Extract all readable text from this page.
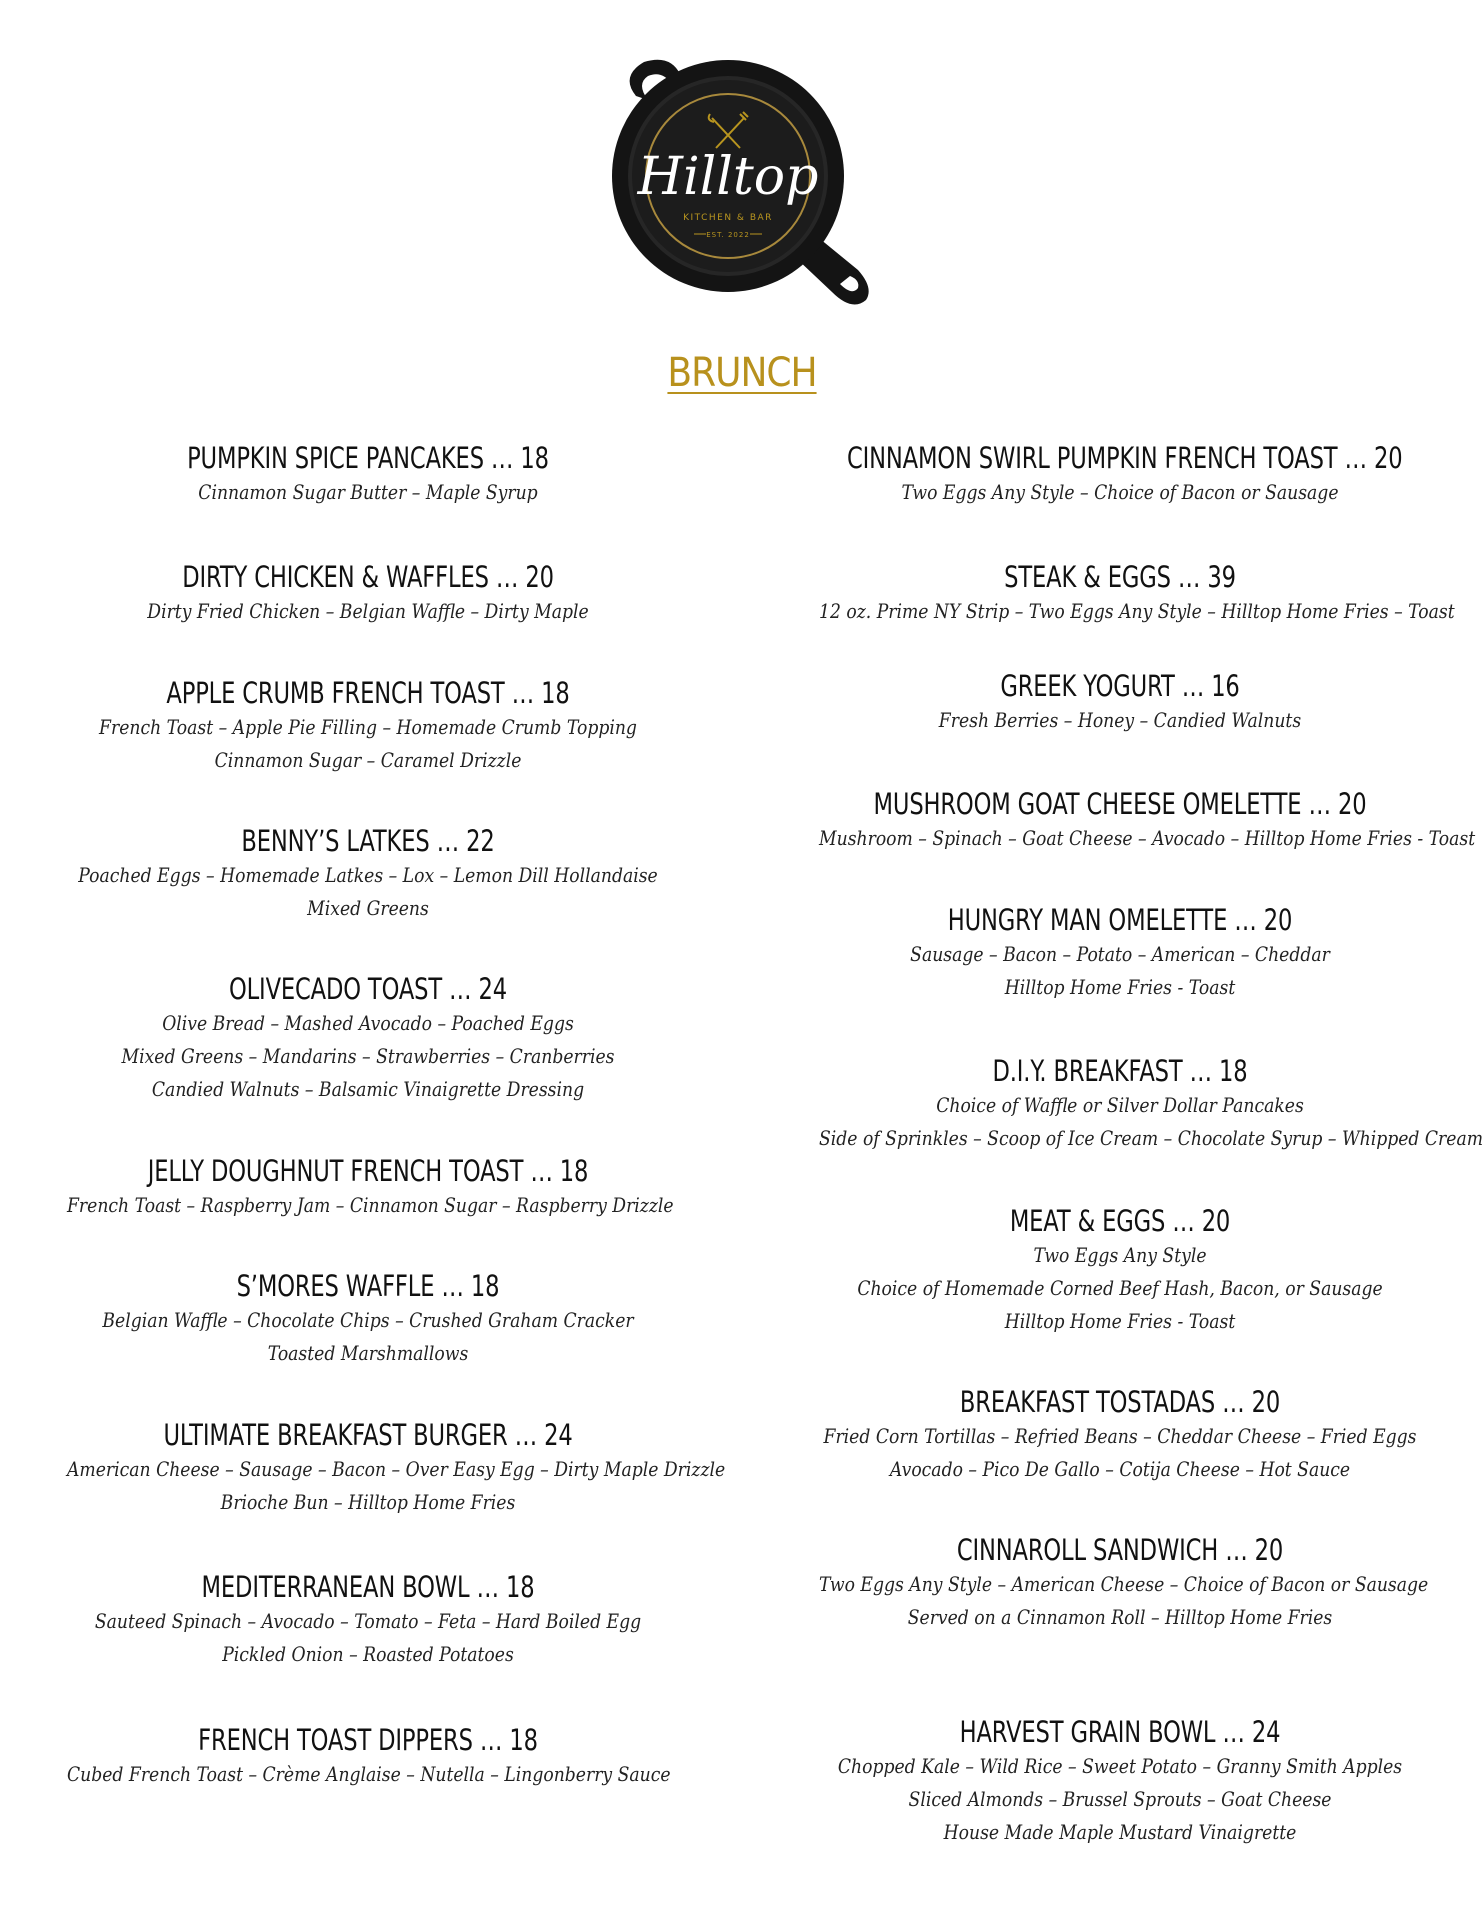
Hilltop
KITCHEN & BAR
EST. 2022
BRUNCH
PUMPKIN SPICE PANCAKES … 18
Cinnamon Sugar Butter – Maple Syrup
DIRTY CHICKEN & WAFFLES … 20
Dirty Fried Chicken – Belgian Waffle – Dirty Maple
APPLE CRUMB FRENCH TOAST … 18
French Toast – Apple Pie Filling – Homemade Crumb Topping
Cinnamon Sugar – Caramel Drizzle
BENNY’S LATKES … 22
Poached Eggs – Homemade Latkes – Lox – Lemon Dill Hollandaise
Mixed Greens
OLIVECADO TOAST … 24
Olive Bread – Mashed Avocado – Poached Eggs
Mixed Greens – Mandarins – Strawberries – Cranberries
Candied Walnuts – Balsamic Vinaigrette Dressing
JELLY DOUGHNUT FRENCH TOAST … 18
French Toast – Raspberry Jam – Cinnamon Sugar – Raspberry Drizzle
S’MORES WAFFLE … 18
Belgian Waffle – Chocolate Chips – Crushed Graham Cracker
Toasted Marshmallows
ULTIMATE BREAKFAST BURGER … 24
American Cheese – Sausage – Bacon – Over Easy Egg – Dirty Maple Drizzle
Brioche Bun – Hilltop Home Fries
MEDITERRANEAN BOWL … 18
Sauteed Spinach – Avocado – Tomato – Feta – Hard Boiled Egg
Pickled Onion – Roasted Potatoes
FRENCH TOAST DIPPERS … 18
Cubed French Toast – Crème Anglaise – Nutella – Lingonberry Sauce
CINNAMON SWIRL PUMPKIN FRENCH TOAST … 20
Two Eggs Any Style – Choice of Bacon or Sausage
STEAK & EGGS … 39
12 oz. Prime NY Strip – Two Eggs Any Style – Hilltop Home Fries – Toast
GREEK YOGURT … 16
Fresh Berries – Honey – Candied Walnuts
MUSHROOM GOAT CHEESE OMELETTE … 20
Mushroom – Spinach – Goat Cheese – Avocado – Hilltop Home Fries - Toast
HUNGRY MAN OMELETTE … 20
Sausage – Bacon – Potato – American – Cheddar
Hilltop Home Fries - Toast
D.I.Y. BREAKFAST … 18
Choice of Waffle or Silver Dollar Pancakes
Side of Sprinkles – Scoop of Ice Cream – Chocolate Syrup – Whipped Cream
MEAT & EGGS … 20
Two Eggs Any Style
Choice of Homemade Corned Beef Hash, Bacon, or Sausage
Hilltop Home Fries - Toast
BREAKFAST TOSTADAS … 20
Fried Corn Tortillas – Refried Beans – Cheddar Cheese – Fried Eggs
Avocado – Pico De Gallo – Cotija Cheese – Hot Sauce
CINNAROLL SANDWICH … 20
Two Eggs Any Style – American Cheese – Choice of Bacon or Sausage
Served on a Cinnamon Roll – Hilltop Home Fries
HARVEST GRAIN BOWL … 24
Chopped Kale – Wild Rice – Sweet Potato – Granny Smith Apples
Sliced Almonds – Brussel Sprouts – Goat Cheese
House Made Maple Mustard Vinaigrette
